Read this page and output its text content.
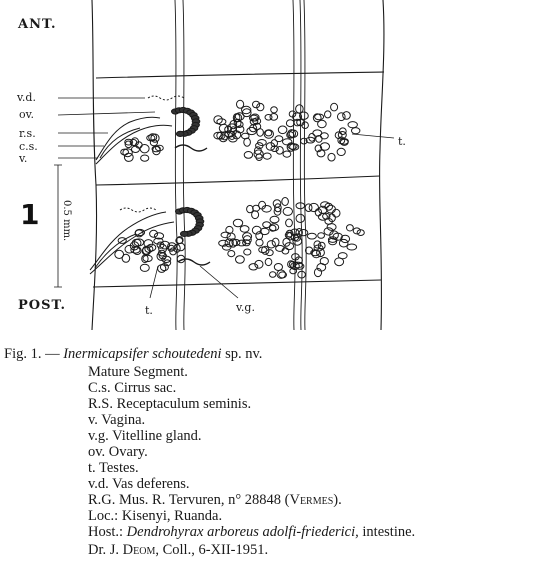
ANT.
POST.
v.d.
ov.
r.s.
c.s.
v.
1 0.5 mm.
t.
t.	v.g.
Fig. 1. — Inermicapsifer schoutedeni sp. nv.
Mature Segment.
C.s. Cirrus sac.
R.S. Receptaculum seminis.
v. Vagina.
v.g. Vitelline gland.
ov. Ovary.
t. Testes.
v.d. Vas deferens.
R.G. Mus. R. Tervuren, n° 28848 (Vermes).
Loc.: Kisenyi, Ruanda.
Host.: Dendrohyrax arboreus adolfi-friederici, intestine.
Dr. J. Deom, Coll., 6-XII-1951.
